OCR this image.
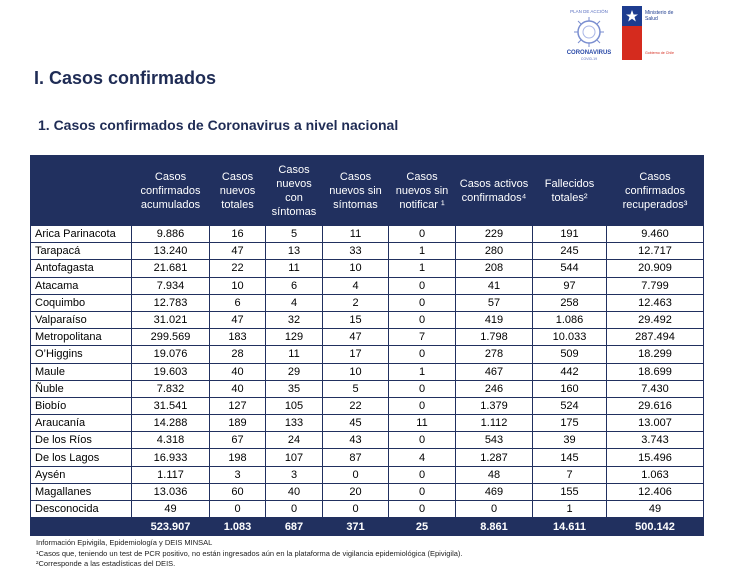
PLAN DE ACCIÓN
CORONAVIRUS
COVID-19
Ministerio de
Salud
Gobierno de Chile
I. Casos confirmados
1. Casos confirmados de Coronavirus a nivel nacional
	Casos confirmados acumulados	Casos nuevos totales	Casos nuevos con síntomas	Casos nuevos sin síntomas	Casos nuevos sin notificar ¹	Casos activos confirmados⁴	Fallecidos totales²	Casos confirmados recuperados³
Arica Parinacota	9.886	16	5	11	0	229	191	9.460
Tarapacá	13.240	47	13	33	1	280	245	12.717
Antofagasta	21.681	22	11	10	1	208	544	20.909
Atacama	7.934	10	6	4	0	41	97	7.799
Coquimbo	12.783	6	4	2	0	57	258	12.463
Valparaíso	31.021	47	32	15	0	419	1.086	29.492
Metropolitana	299.569	183	129	47	7	1.798	10.033	287.494
O’Higgins	19.076	28	11	17	0	278	509	18.299
Maule	19.603	40	29	10	1	467	442	18.699
Ñuble	7.832	40	35	5	0	246	160	7.430
Biobío	31.541	127	105	22	0	1.379	524	29.616
Araucanía	14.288	189	133	45	11	1.112	175	13.007
De los Ríos	4.318	67	24	43	0	543	39	3.743
De los Lagos	16.933	198	107	87	4	1.287	145	15.496
Aysén	1.117	3	3	0	0	48	7	1.063
Magallanes	13.036	60	40	20	0	469	155	12.406
Desconocida	49	0	0	0	0	0	1	49
	523.907	1.083	687	371	25	8.861	14.611	500.142
Información Epivigila, Epidemiología y DEIS MINSAL
¹Casos que, teniendo un test de PCR positivo, no están ingresados aún en la plataforma de vigilancia epidemiológica (Epivigila).
²Corresponde a las estadísticas del DEIS.
